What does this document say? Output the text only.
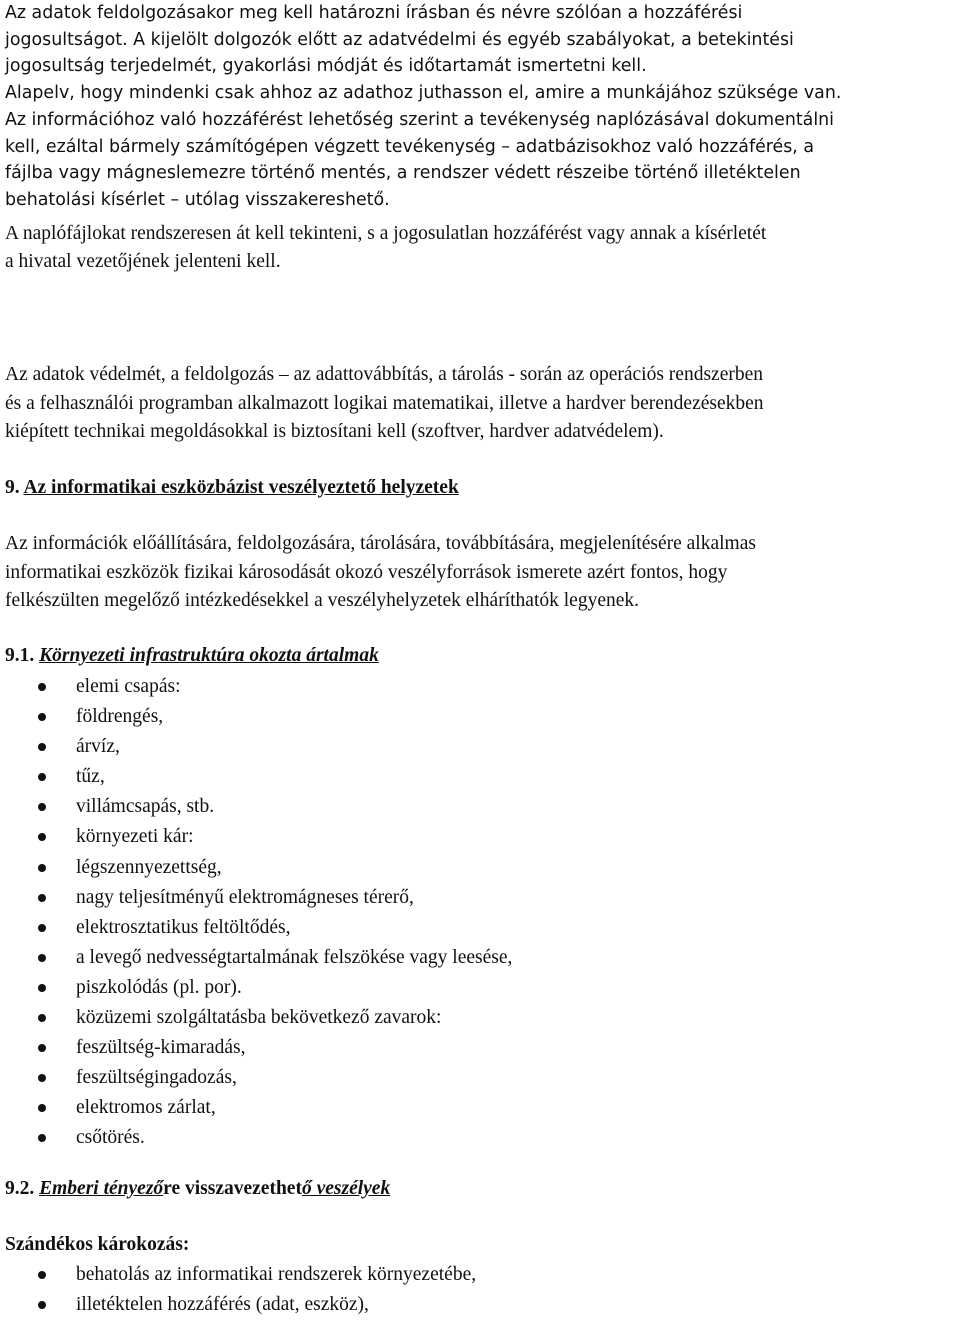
Az adatok feldolgozásakor meg kell határozni írásban és névre szólóan a hozzáférési

jogosultságot. A kijelölt dolgozók előtt az adatvédelmi és egyéb szabályokat, a betekintési

jogosultság terjedelmét, gyakorlási módját és időtartamát ismertetni kell.

Alapelv, hogy mindenki csak ahhoz az adathoz juthasson el, amire a munkájához szüksége van.

Az információhoz való hozzáférést lehetőség szerint a tevékenység naplózásával dokumentálni

kell, ezáltal bármely számítógépen végzett tevékenység – adatbázisokhoz való hozzáférés, a

fájlba vagy mágneslemezre történő mentés, a rendszer védett részeibe történő illetéktelen

behatolási kísérlet – utólag visszakereshető.

A naplófájlokat rendszeresen át kell tekinteni, s a jogosulatlan hozzáférést vagy annak a kísérletét

a hivatal vezetőjének jelenteni kell.

Az adatok védelmét, a feldolgozás – az adattovábbítás, a tárolás - során az operációs rendszerben

és a felhasználói programban alkalmazott logikai matematikai, illetve a hardver berendezésekben

kiépített technikai megoldásokkal is biztosítani kell (szoftver, hardver adatvédelem).

9. Az informatikai eszközbázist veszélyeztető helyzetek

Az információk előállítására, feldolgozására, tárolására, továbbítására, megjelenítésére alkalmas

informatikai eszközök fizikai károsodását okozó veszélyforrások ismerete azért fontos, hogy

felkészülten megelőző intézkedésekkel a veszélyhelyzetek elháríthatók legyenek.

9.1. Környezeti infrastruktúra okozta ártalmak
elemi csapás:
földrengés,
árvíz,
tűz,
villámcsapás, stb.
környezeti kár:
légszennyezettség,
nagy teljesítményű elektromágneses térerő,
elektrosztatikus feltöltődés,
a levegő nedvességtartalmának felszökése vagy leesése,
piszkolódás (pl. por).
közüzemi szolgáltatásba bekövetkező zavarok:
feszültség-kimaradás,
feszültségingadozás,
elektromos zárlat,
csőtörés.
9.2. Emberi tényezőre visszavezethető veszélyek
Szándékos károkozás:
behatolás az informatikai rendszerek környezetébe,
illetéktelen hozzáférés (adat, eszköz),
